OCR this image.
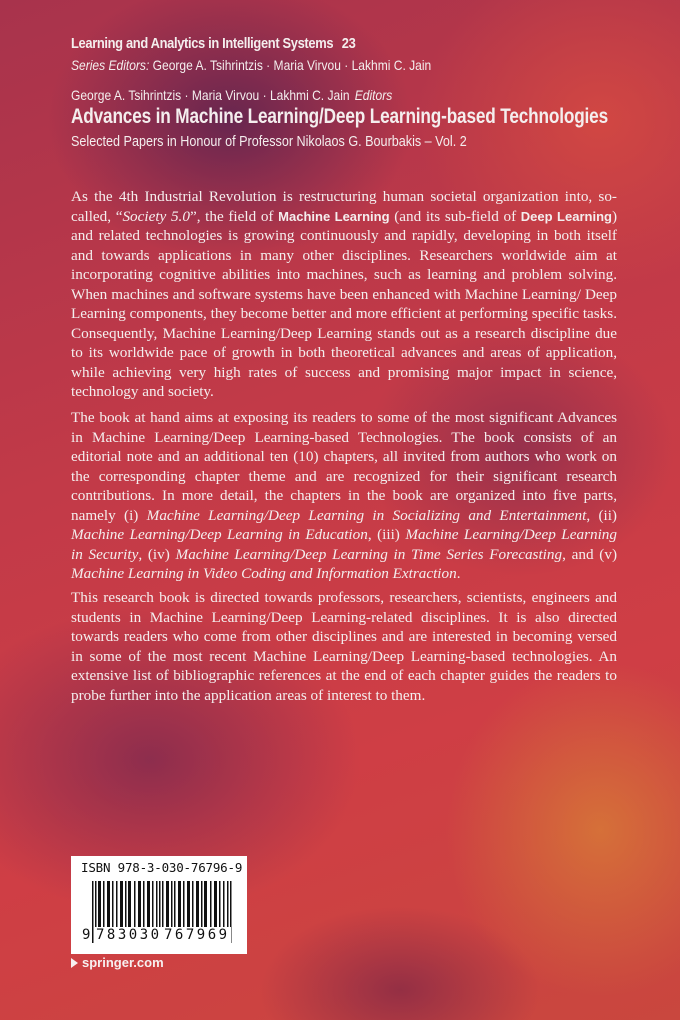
Learning and Analytics in Intelligent Systems 23
Series Editors: George A. Tsihrintzis · Maria Virvou · Lakhmi C. Jain
George A. Tsihrintzis · Maria Virvou · Lakhmi C. Jain Editors
Advances in Machine Learning/Deep Learning-based Technologies
Selected Papers in Honour of Professor Nikolaos G. Bourbakis – Vol. 2

As the 4th Industrial Revolution is restructuring human societal organization into, so-called, “Society 5.0”, the field of Machine Learning (and its sub-field of Deep Learning) and related technologies is growing continuously and rapidly, developing in both itself and towards applications in many other disciplines. Researchers worldwide aim at incorporating cognitive abilities into machines, such as learning and problem solving. When machines and software systems have been enhanced with Machine Learning/ Deep Learning components, they become better and more efficient at performing specific tasks. Consequently, Machine Learning/Deep Learning stands out as a research discipline due to its worldwide pace of growth in both theoretical advances and areas of application, while achieving very high rates of success and promising major impact in science, technology and society.

The book at hand aims at exposing its readers to some of the most significant Advances in Machine Learning/Deep Learning-based Technologies. The book consists of an editorial note and an additional ten (10) chapters, all invited from authors who work on the corresponding chapter theme and are recognized for their significant research contributions. In more detail, the chapters in the book are organized into five parts, namely (i) Machine Learning/Deep Learning in Socializing and Entertainment, (ii) Machine Learning/Deep Learning in Education, (iii) Machine Learning/Deep Learning in Security, (iv) Machine Learning/Deep Learning in Time Series Forecasting, and (v) Machine Learning in Video Coding and Information Extraction.

This research book is directed towards professors, researchers, scientists, engineers and students in Machine Learning/Deep Learning-related disciplines. It is also directed towards readers who come from other disciplines and are interested in becoming versed in some of the most recent Machine Learning/Deep Learning-based technologies. An extensive list of bibliographic references at the end of each chapter guides the readers to probe further into the application areas of interest to them.

ISBN 978-3-030-76796-9
9 783030 767969
springer.com
